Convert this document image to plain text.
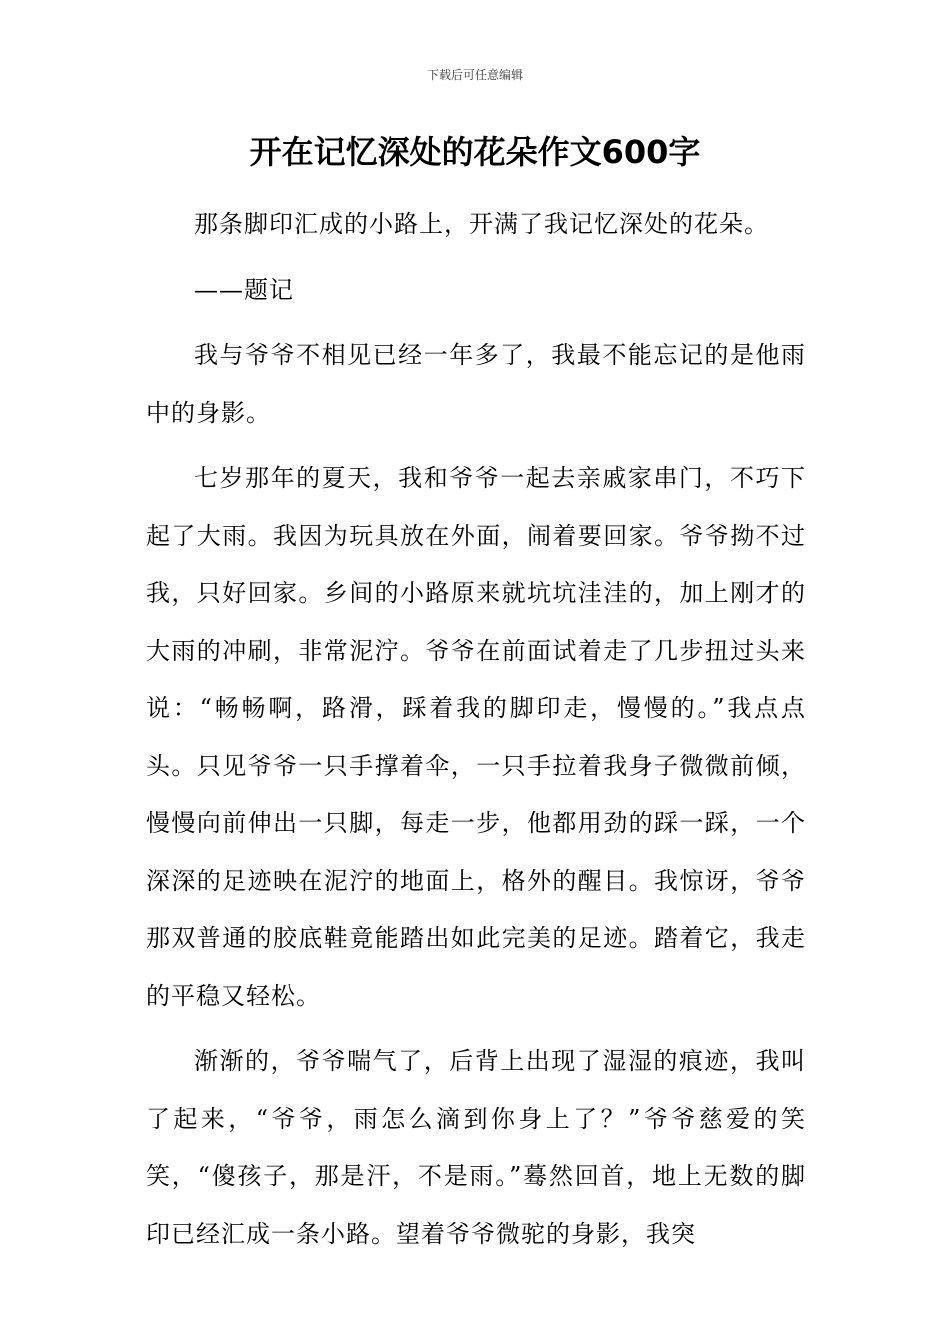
下载后可任意编辑
开在记忆深处的花朵作文600字

那条脚印汇成的小路上，开满了我记忆深处的花朵。

——题记

我与爷爷不相见已经一年多了，我最不能忘记的是他雨中的身影。

七岁那年的夏天，我和爷爷一起去亲戚家串门，不巧下起了大雨。我因为玩具放在外面，闹着要回家。爷爷拗不过我，只好回家。乡间的小路原来就坑坑洼洼的，加上刚才的大雨的冲刷，非常泥泞。爷爷在前面试着走了几步扭过头来说：“畅畅啊，路滑，踩着我的脚印走，慢慢的。”我点点头。只见爷爷一只手撑着伞，一只手拉着我身子微微前倾，慢慢向前伸出一只脚，每走一步，他都用劲的踩一踩，一个深深的足迹映在泥泞的地面上，格外的醒目。我惊讶，爷爷那双普通的胶底鞋竟能踏出如此完美的足迹。踏着它，我走的平稳又轻松。

渐渐的，爷爷喘气了，后背上出现了湿湿的痕迹，我叫了起来，“爷爷，雨怎么滴到你身上了？”爷爷慈爱的笑笑，“傻孩子，那是汗，不是雨。”蓦然回首，地上无数的脚印已经汇成一条小路。望着爷爷微驼的身影，我突
